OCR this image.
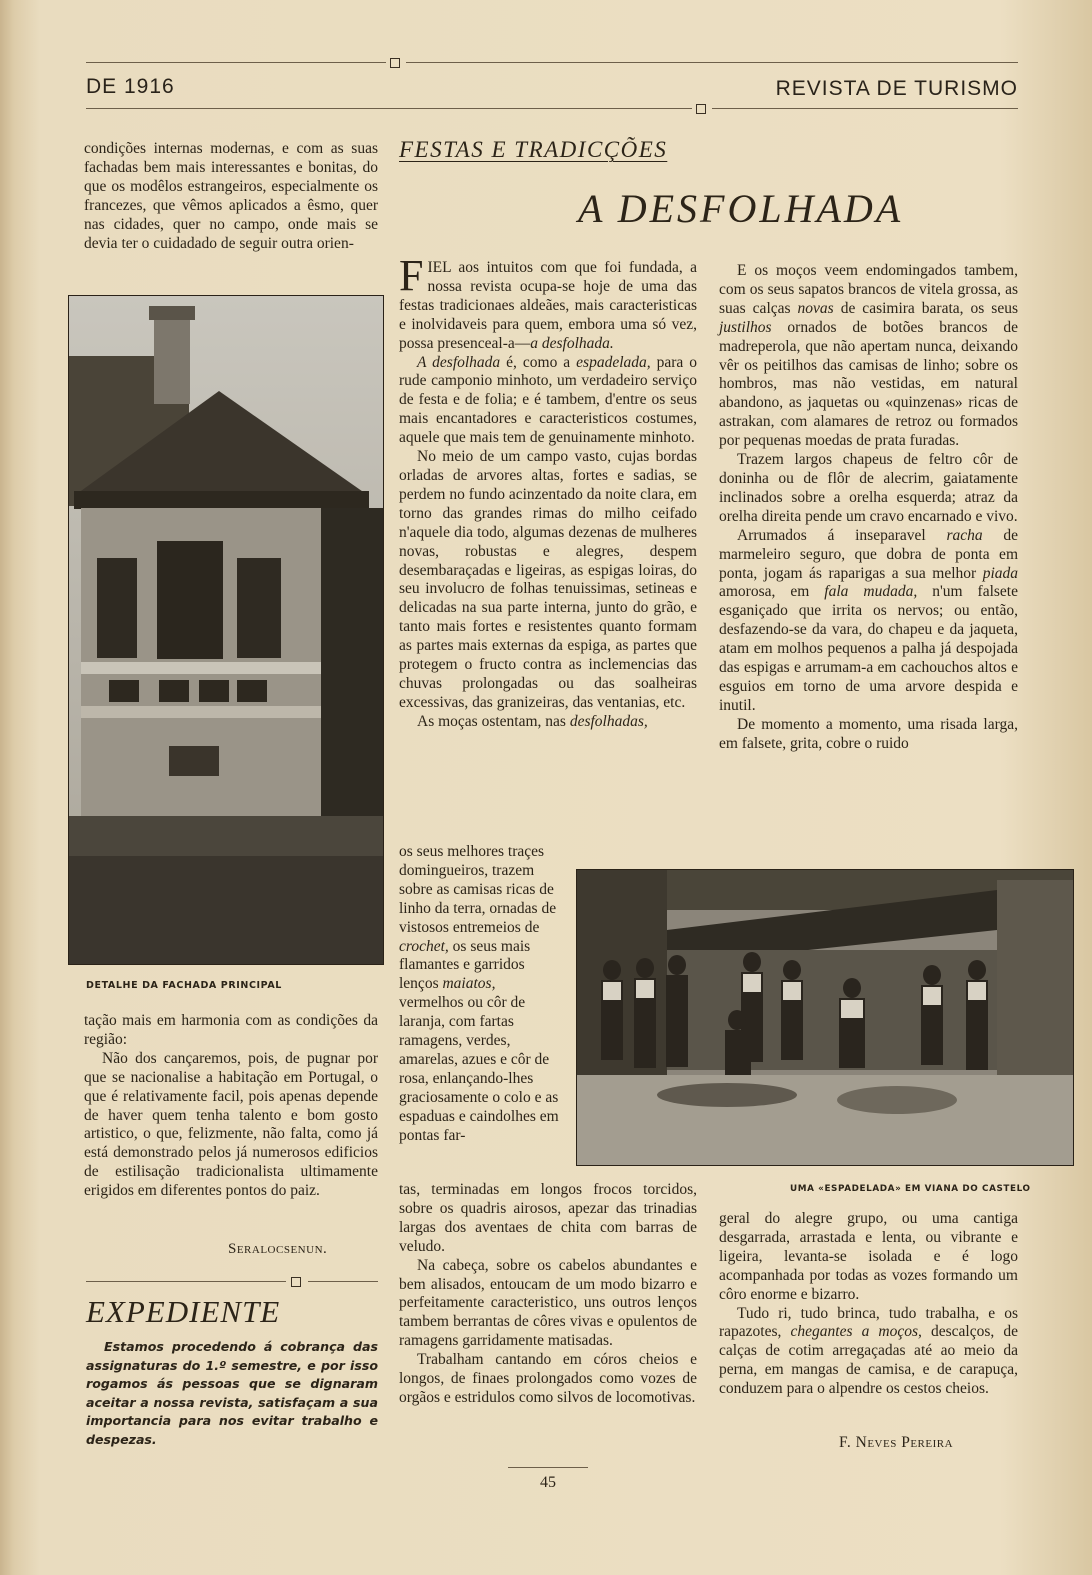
DE 1916	REVISTA DE TURISMO

condições internas modernas, e com as suas fachadas bem mais interessantes e bonitas, do que os modêlos estrangeiros, especialmente os francezes, que vêmos aplicados a êsmo, quer nas cidades, quer no campo, onde mais se devia ter o cuidadado de seguir outra orien-

DETALHE DA FACHADA PRINCIPAL

tação mais em harmonia com as condições da região:

Não dos cançaremos, pois, de pugnar por que se nacionalise a habitação em Portugal, o que é relativamente facil, pois apenas depende de haver quem tenha talento e bom gosto artistico, o que, felizmente, não falta, como já está demonstrado pelos já numerosos edificios de estilisação tradicionalista ultimamente erigidos em diferentes pontos do paiz.

Seralocsenun.
EXPEDIENTE
Estamos procedendo á cobrança das assignaturas do 1.º semestre, e por isso rogamos ás pessoas que se dignaram aceitar a nossa revista, satisfaçam a sua importancia para nos evitar trabalho e despezas.
FESTAS E TRADICÇÕES
A DESFOLHADA

FIEL aos intuitos com que foi fundada, a nossa revista ocupa-se hoje de uma das festas tradicionaes aldeães, mais caracteristicas e inolvidaveis para quem, embora uma só vez, possa presenceal-a—a desfolhada.

A desfolhada é, como a espadelada, para o rude camponio minhoto, um verdadeiro serviço de festa e de folia; e é tambem, d'entre os seus mais encantadores e caracteristicos costumes, aquele que mais tem de genuinamente minhoto.

No meio de um campo vasto, cujas bordas orladas de arvores altas, fortes e sadias, se perdem no fundo acinzentado da noite clara, em torno das grandes rimas do milho ceifado n'aquele dia todo, algumas dezenas de mulheres novas, robustas e alegres, despem desembaraçadas e ligeiras, as espigas loiras, do seu involucro de folhas tenuissimas, setineas e delicadas na sua parte interna, junto do grão, e tanto mais fortes e resistentes quanto formam as partes mais externas da espiga, as partes que protegem o fructo contra as inclemencias das chuvas prolongadas ou das soalheiras excessivas, das granizeiras, das ventanias, etc.

As moças ostentam, nas desfolhadas,

os seus melhores traçes domingueiros, trazem sobre as camisas ricas de linho da terra, ornadas de vistosos entremeios de crochet, os seus mais flamantes e garridos lenços maiatos, vermelhos ou côr de laranja, com fartas ramagens, verdes, amarelas, azues e côr de rosa, enlançando-lhes graciosamente o colo e as espaduas e caindolhes em pontas far-

tas, terminadas em longos frocos torcidos, sobre os quadris airosos, apezar das trinadias largas dos aventaes de chita com barras de veludo.

Na cabeça, sobre os cabelos abundantes e bem alisados, entoucam de um modo bizarro e perfeitamente caracteristico, uns outros lenços tambem berrantas de côres vivas e opulentos de ramagens garridamente matisadas.

Trabalham cantando em córos cheios e longos, de finaes prolongados como vozes de orgãos e estridulos como silvos de locomotivas.

E os moços veem endomingados tambem, com os seus sapatos brancos de vitela grossa, as suas calças novas de casimira barata, os seus justilhos ornados de botões brancos de madreperola, que não apertam nunca, deixando vêr os peitilhos das camisas de linho; sobre os hombros, mas não vestidas, em natural abandono, as jaquetas ou «quinzenas» ricas de astrakan, com alamares de retroz ou formados por pequenas moedas de prata furadas.

Trazem largos chapeus de feltro côr de doninha ou de flôr de alecrim, gaiatamente inclinados sobre a orelha esquerda; atraz da orelha direita pende um cravo encarnado e vivo.

Arrumados á inseparavel racha de marmeleiro seguro, que dobra de ponta em ponta, jogam ás raparigas a sua melhor piada amorosa, em fala mudada, n'um falsete esganiçado que irrita os nervos; ou então, desfazendo-se da vara, do chapeu e da jaqueta, atam em molhos pequenos a palha já despojada das espigas e arrumam-a em cachouchos altos e esguios em torno de uma arvore despida e inutil.

De momento a momento, uma risada larga, em falsete, grita, cobre o ruido

UMA «ESPADELADA» EM VIANA DO CASTELO

geral do alegre grupo, ou uma cantiga desgarrada, arrastada e lenta, ou vibrante e ligeira, levanta-se isolada e é logo acompanhada por todas as vozes formando um côro enorme e bizarro.

Tudo ri, tudo brinca, tudo trabalha, e os rapazotes, chegantes a moços, descalços, de calças de cotim arregaçadas até ao meio da perna, em mangas de camisa, e de carapuça, conduzem para o alpendre os cestos cheios.

F. Neves Pereira
45
